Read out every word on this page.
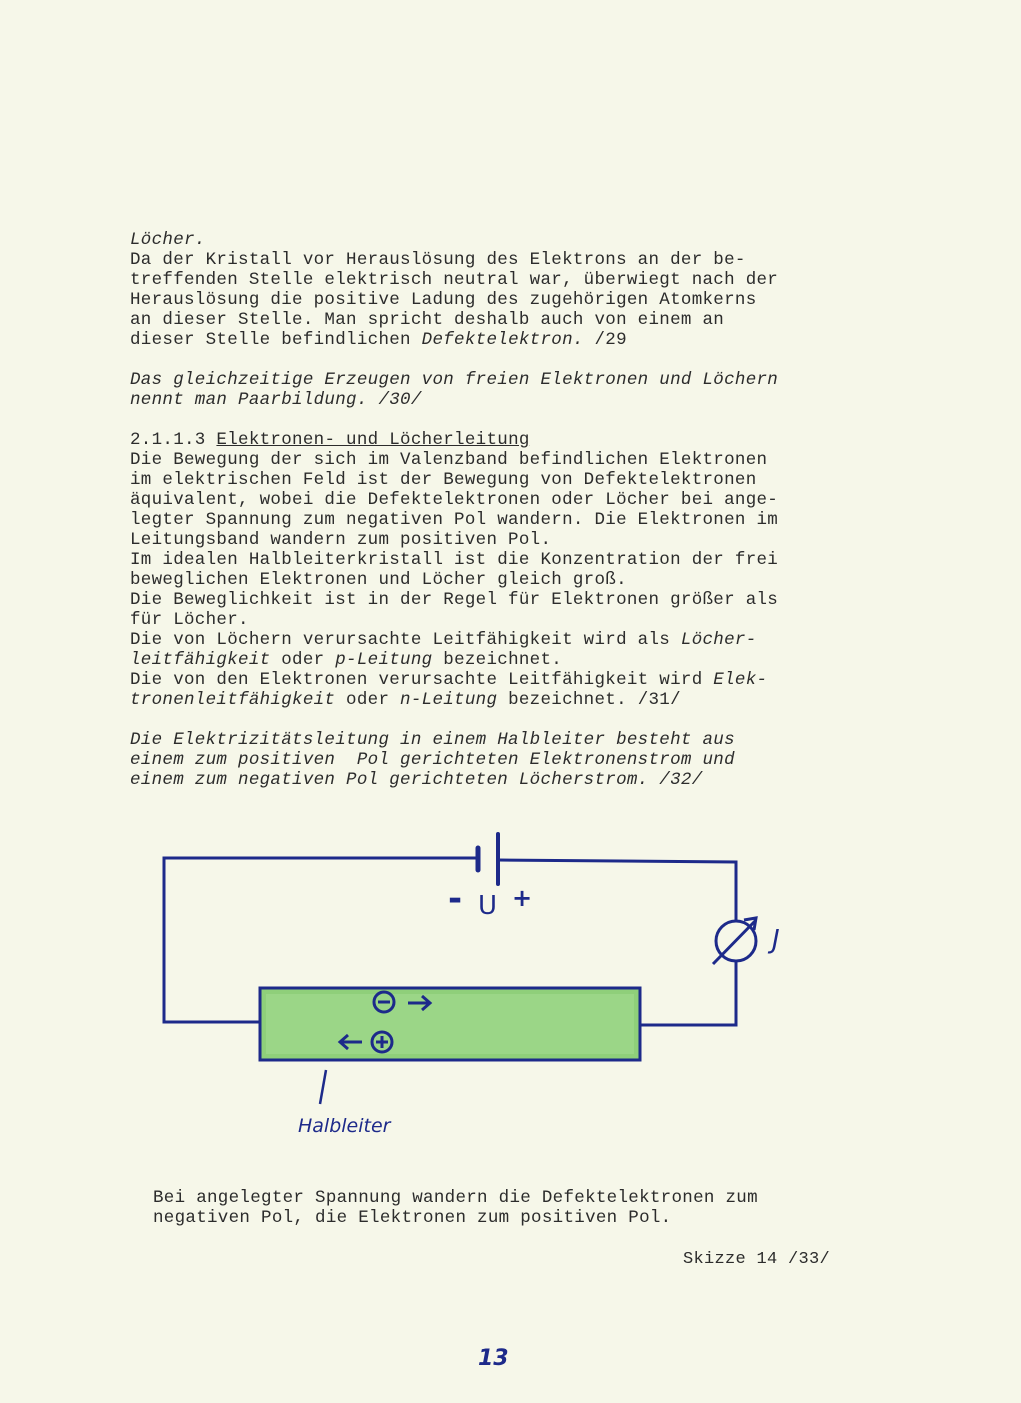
Löcher.
Da der Kristall vor Herauslösung des Elektrons an der be-
treffenden Stelle elektrisch neutral war, überwiegt nach der
Herauslösung die positive Ladung des zugehörigen Atomkerns
an dieser Stelle. Man spricht deshalb auch von einem an
dieser Stelle befindlichen Defektelektron. /29
Das gleichzeitige Erzeugen von freien Elektronen und Löchern
nennt man Paarbildung. /30/
2.1.1.3 Elektronen- und Löcherleitung
Die Bewegung der sich im Valenzband befindlichen Elektronen
im elektrischen Feld ist der Bewegung von Defektelektronen
äquivalent, wobei die Defektelektronen oder Löcher bei ange-
legter Spannung zum negativen Pol wandern. Die Elektronen im
Leitungsband wandern zum positiven Pol.
Im idealen Halbleiterkristall ist die Konzentration der frei
beweglichen Elektronen und Löcher gleich groß.
Die Beweglichkeit ist in der Regel für Elektronen größer als
für Löcher.
Die von Löchern verursachte Leitfähigkeit wird als Löcher-
leitfähigkeit oder p-Leitung bezeichnet.
Die von den Elektronen verursachte Leitfähigkeit wird Elek-
tronenleitfähigkeit oder n-Leitung bezeichnet. /31/
Die Elektrizitätsleitung in einem Halbleiter besteht aus
einem zum positiven  Pol gerichteten Elektronenstrom und
einem zum negativen Pol gerichteten Löcherstrom. /32/
- U +
J
Halbleiter
Bei angelegter Spannung wandern die Defektelektronen zum
negativen Pol, die Elektronen zum positiven Pol.
Skizze 14 /33/
13
